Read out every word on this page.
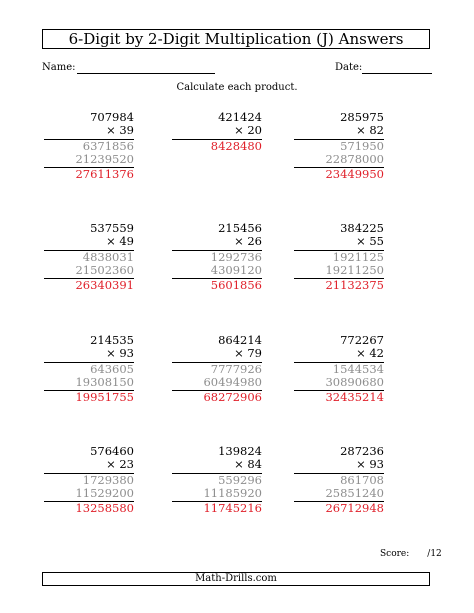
6-Digit by 2-Digit Multiplication (J) Answers
Name:	Date:
Calculate each product.
707984
× 39
6371856
21239520
27611376
421424
× 20
8428480
285975
× 82
571950
22878000
23449950
537559
× 49
4838031
21502360
26340391
215456
× 26
1292736
4309120
5601856
384225
× 55
1921125
19211250
21132375
214535
× 93
643605
19308150
19951755
864214
× 79
7777926
60494980
68272906
772267
× 42
1544534
30890680
32435214
576460
× 23
1729380
11529200
13258580
139824
× 84
559296
11185920
11745216
287236
× 93
861708
25851240
26712948
Score: /12
Math-Drills.com
